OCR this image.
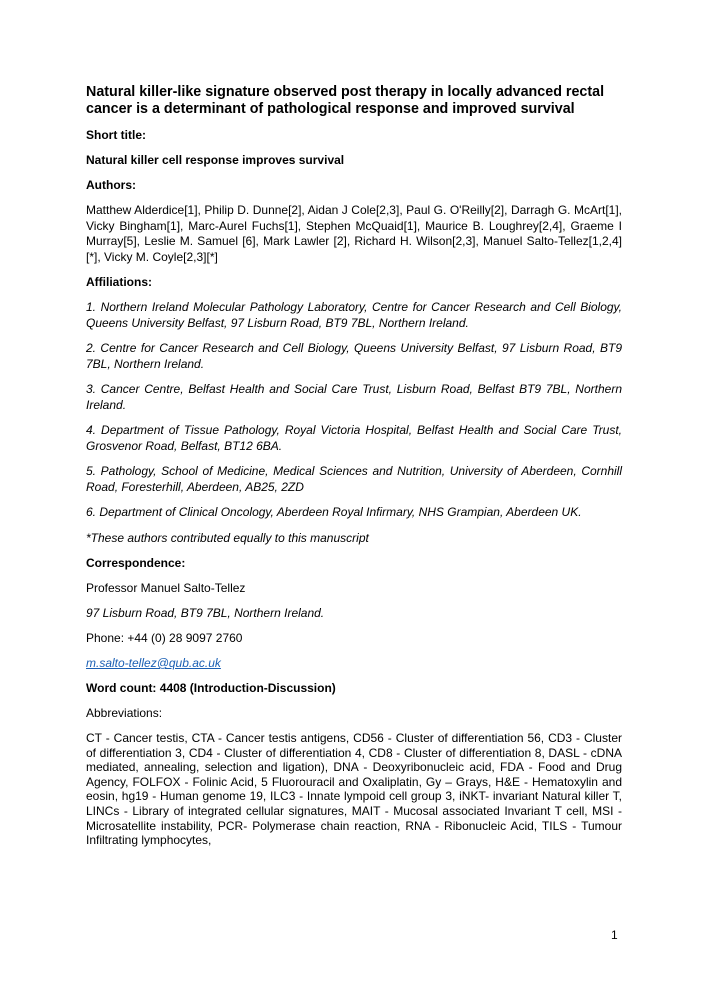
Natural killer-like signature observed post therapy in locally advanced rectal cancer is a determinant of pathological response and improved survival
Short title:
Natural killer cell response improves survival
Authors:
Matthew Alderdice[1], Philip D. Dunne[2], Aidan J Cole[2,3], Paul G. O'Reilly[2], Darragh G. McArt[1], Vicky Bingham[1], Marc-Aurel Fuchs[1], Stephen McQuaid[1], Maurice B. Loughrey[2,4], Graeme I Murray[5], Leslie M. Samuel [6], Mark Lawler [2], Richard H. Wilson[2,3], Manuel Salto-Tellez[1,2,4][*], Vicky M. Coyle[2,3][*]
Affiliations:
1. Northern Ireland Molecular Pathology Laboratory, Centre for Cancer Research and Cell Biology, Queens University Belfast, 97 Lisburn Road, BT9 7BL, Northern Ireland.
2. Centre for Cancer Research and Cell Biology, Queens University Belfast, 97 Lisburn Road, BT9 7BL, Northern Ireland.
3. Cancer Centre, Belfast Health and Social Care Trust, Lisburn Road, Belfast BT9 7BL, Northern Ireland.
4. Department of Tissue Pathology, Royal Victoria Hospital, Belfast Health and Social Care Trust, Grosvenor Road, Belfast, BT12 6BA.
5. Pathology, School of Medicine, Medical Sciences and Nutrition, University of Aberdeen, Cornhill Road, Foresterhill, Aberdeen, AB25, 2ZD
6. Department of Clinical Oncology, Aberdeen Royal Infirmary, NHS Grampian, Aberdeen UK.
*These authors contributed equally to this manuscript
Correspondence:
Professor Manuel Salto-Tellez
97 Lisburn Road, BT9 7BL, Northern Ireland.
Phone: +44 (0) 28 9097 2760
m.salto-tellez@qub.ac.uk
Word count: 4408 (Introduction-Discussion)
Abbreviations:
CT - Cancer testis, CTA - Cancer testis antigens, CD56 - Cluster of differentiation 56, CD3 - Cluster of differentiation 3, CD4 - Cluster of differentiation 4, CD8 - Cluster of differentiation 8, DASL - cDNA mediated, annealing, selection and ligation), DNA - Deoxyribonucleic acid, FDA - Food and Drug Agency, FOLFOX - Folinic Acid, 5 Fluorouracil and Oxaliplatin, Gy – Grays, H&E - Hematoxylin and eosin, hg19 - Human genome 19, ILC3 - Innate lympoid cell group 3, iNKT- invariant Natural killer T, LINCs - Library of integrated cellular signatures, MAIT - Mucosal associated Invariant T cell, MSI - Microsatellite instability, PCR- Polymerase chain reaction, RNA - Ribonucleic Acid, TILS - Tumour Infiltrating lymphocytes,
1
